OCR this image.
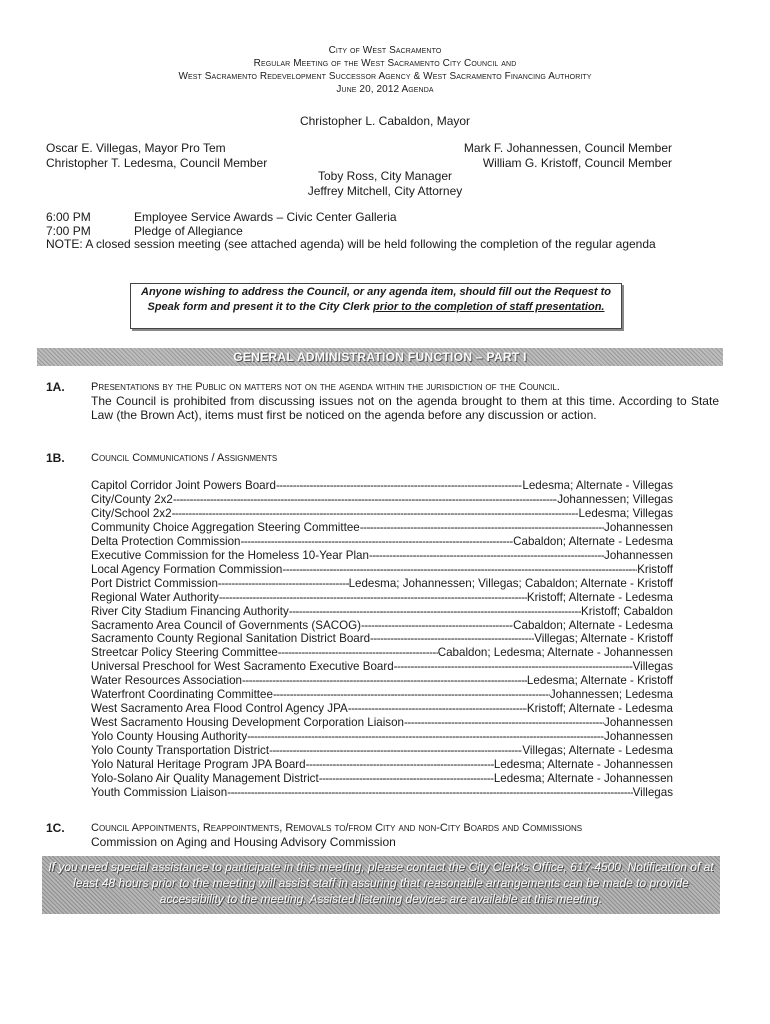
City of West Sacramento
Regular Meeting of the West Sacramento City Council and
West Sacramento Redevelopment Successor Agency & West Sacramento Financing Authority
June 20, 2012 Agenda
Christopher L. Cabaldon, Mayor
Oscar E. Villegas, Mayor Pro Tem
Christopher T. Ledesma, Council Member
Mark F. Johannessen, Council Member
William G. Kristoff, Council Member
Toby Ross, City Manager
Jeffrey Mitchell, City Attorney
6:00 PM	Employee Service Awards – Civic Center Galleria
7:00 PM	Pledge of Allegiance
NOTE: A closed session meeting (see attached agenda) will be held following the completion of the regular agenda
Anyone wishing to address the Council, or any agenda item, should fill out the Request to Speak form and present it to the City Clerk prior to the completion of staff presentation.
GENERAL ADMINISTRATION FUNCTION – PART I
1A. Presentations by the Public on matters not on the agenda within the jurisdiction of the Council.
The Council is prohibited from discussing issues not on the agenda brought to them at this time. According to State Law (the Brown Act), items must first be noticed on the agenda before any discussion or action.
1B. Council Communications / Assignments
Capitol Corridor Joint Powers Board -----	Ledesma; Alternate - Villegas
City/County 2x2 -----	Johannessen; Villegas
City/School 2x2 -----	Ledesma; Villegas
Community Choice Aggregation Steering Committee -----	Johannessen
Delta Protection Commission -----	Cabaldon; Alternate - Ledesma
Executive Commission for the Homeless 10-Year Plan -----	Johannessen
Local Agency Formation Commission -----	Kristoff
Port District Commission -----	Ledesma; Johannessen; Villegas; Cabaldon; Alternate - Kristoff
Regional Water Authority -----	Kristoff; Alternate - Ledesma
River City Stadium Financing Authority -----	Kristoff; Cabaldon
Sacramento Area Council of Governments (SACOG) -----	Cabaldon; Alternate - Ledesma
Sacramento County Regional Sanitation District Board -----	Villegas; Alternate - Kristoff
Streetcar Policy Steering Committee -----	Cabaldon; Ledesma; Alternate - Johannessen
Universal Preschool for West Sacramento Executive Board -----	Villegas
Water Resources Association -----	Ledesma; Alternate - Kristoff
Waterfront Coordinating Committee -----	Johannessen; Ledesma
West Sacramento Area Flood Control Agency JPA -----	Kristoff; Alternate - Ledesma
West Sacramento Housing Development Corporation Liaison -----	Johannessen
Yolo County Housing Authority -----	Johannessen
Yolo County Transportation District -----	Villegas; Alternate - Ledesma
Yolo Natural Heritage Program JPA Board -----	Ledesma; Alternate - Johannessen
Yolo-Solano Air Quality Management District -----	Ledesma; Alternate - Johannessen
Youth Commission Liaison -----	Villegas
1C. Council Appointments, Reappointments, Removals to/from City and non-City Boards and Commissions
Commission on Aging and Housing Advisory Commission
If you need special assistance to participate in this meeting, please contact the City Clerk's Office, 617-4500. Notification of at least 48 hours prior to the meeting will assist staff in assuring that reasonable arrangements can be made to provide accessibility to the meeting. Assisted listening devices are available at this meeting.
